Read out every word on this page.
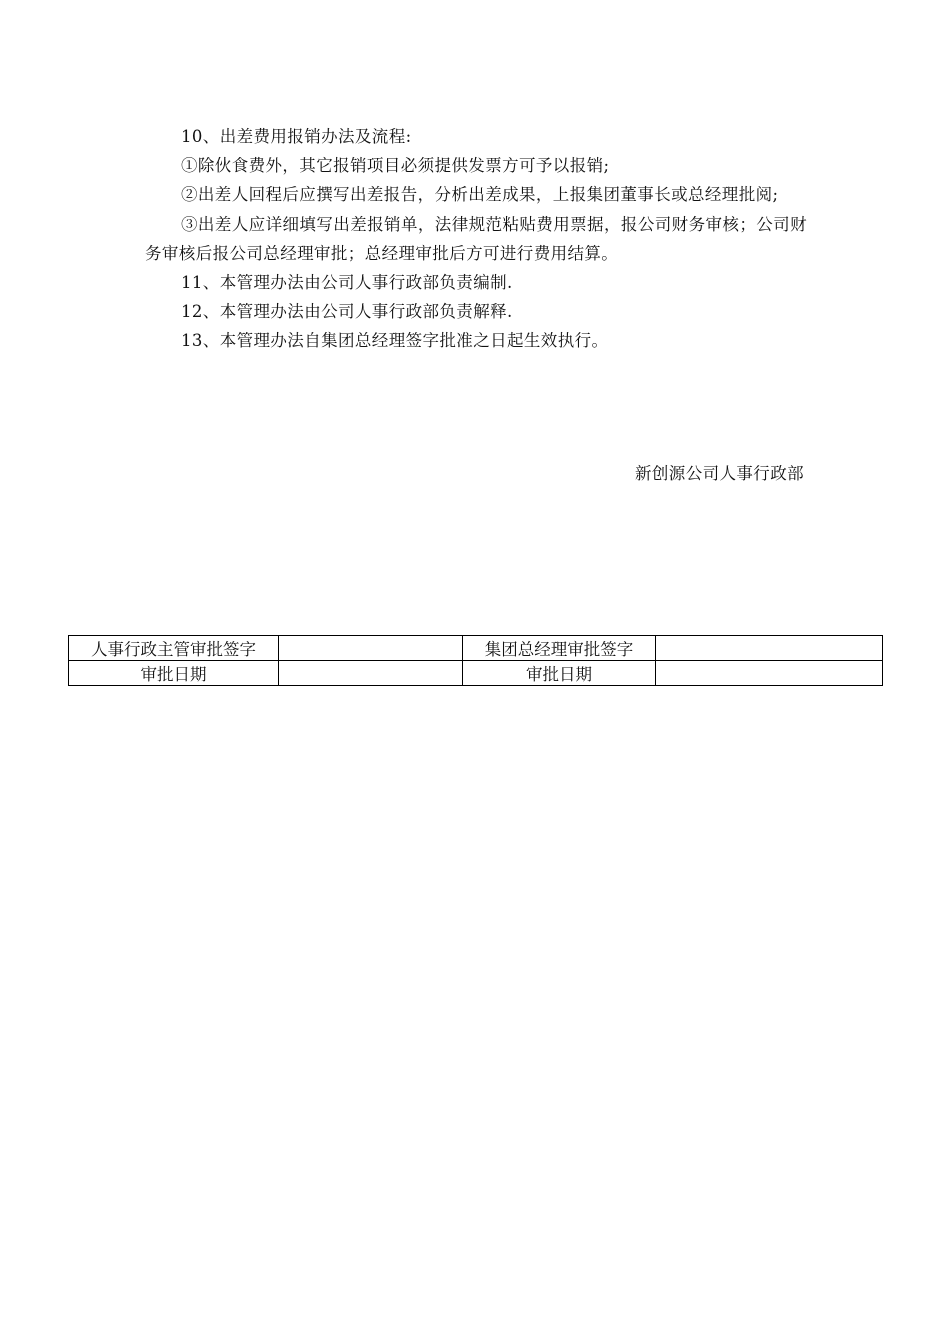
10、出差费用报销办法及流程:

①除伙食费外，其它报销项目必须提供发票方可予以报销;

②出差人回程后应撰写出差报告，分析出差成果，上报集团董事长或总经理批阅;

③出差人应详细填写出差报销单，法律规范粘贴费用票据，报公司财务审核；公司财务审核后报公司总经理审批；总经理审批后方可进行费用结算。

11、本管理办法由公司人事行政部负责编制.

12、本管理办法由公司人事行政部负责解释.

13、本管理办法自集团总经理签字批准之日起生效执行。

新创源公司人事行政部
人事行政主管审批签字		集团总经理审批签字	
审批日期		审批日期	
